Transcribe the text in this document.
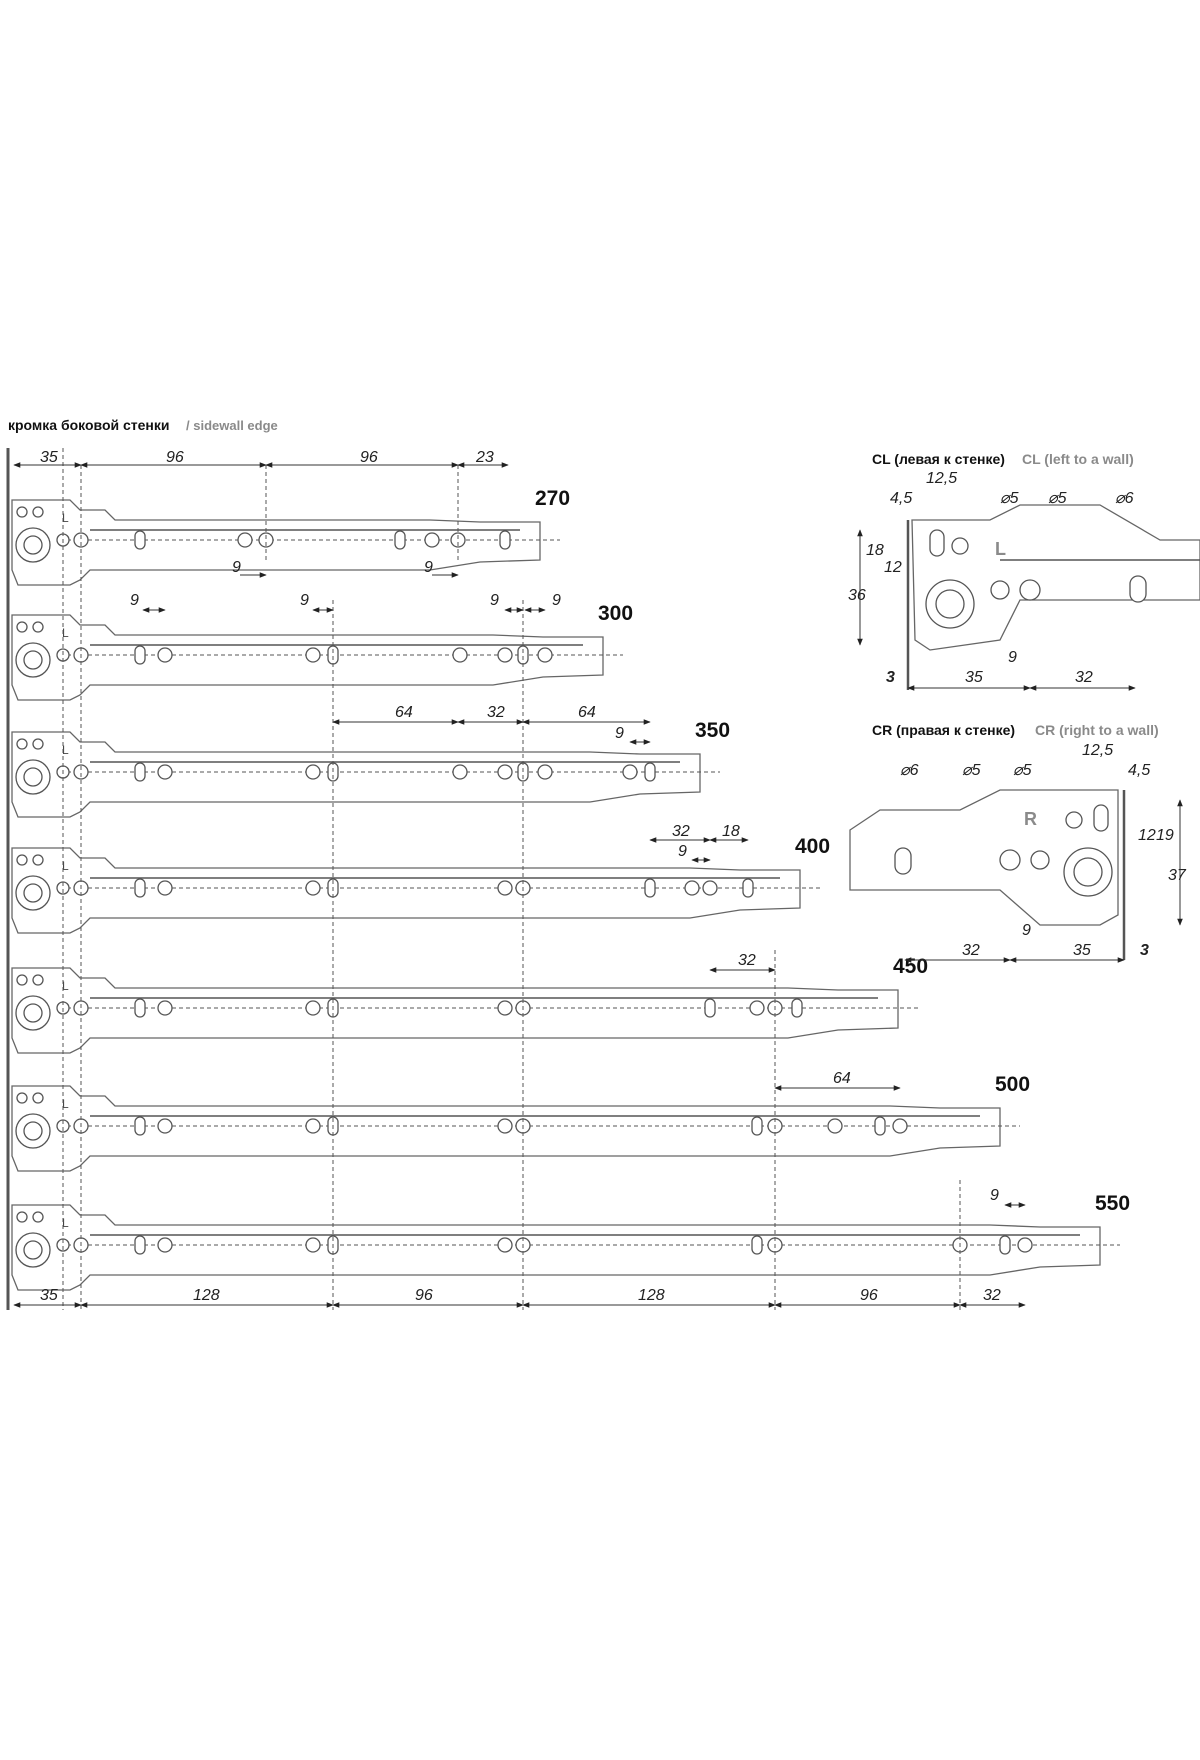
кромка боковой стенки / sidewall edge
L
270
L
300
L
350
L
400
L
450
L
500
L
550
35	96	96	23
35	128	96	128	96	32
9	9
9	9	9	9
64	32	64
9
32 18
9
32
64
9
CL (левая к стенке) CL (left to a wall)
L
12,5
4,5	⌀5 ⌀5	⌀6
18
12
36
3	35
9
32
CR (правая к стенке) CR (right to a wall)
R
⌀6	⌀5 ⌀5
12,5
4,5
12 19
37
32
9
35	3
